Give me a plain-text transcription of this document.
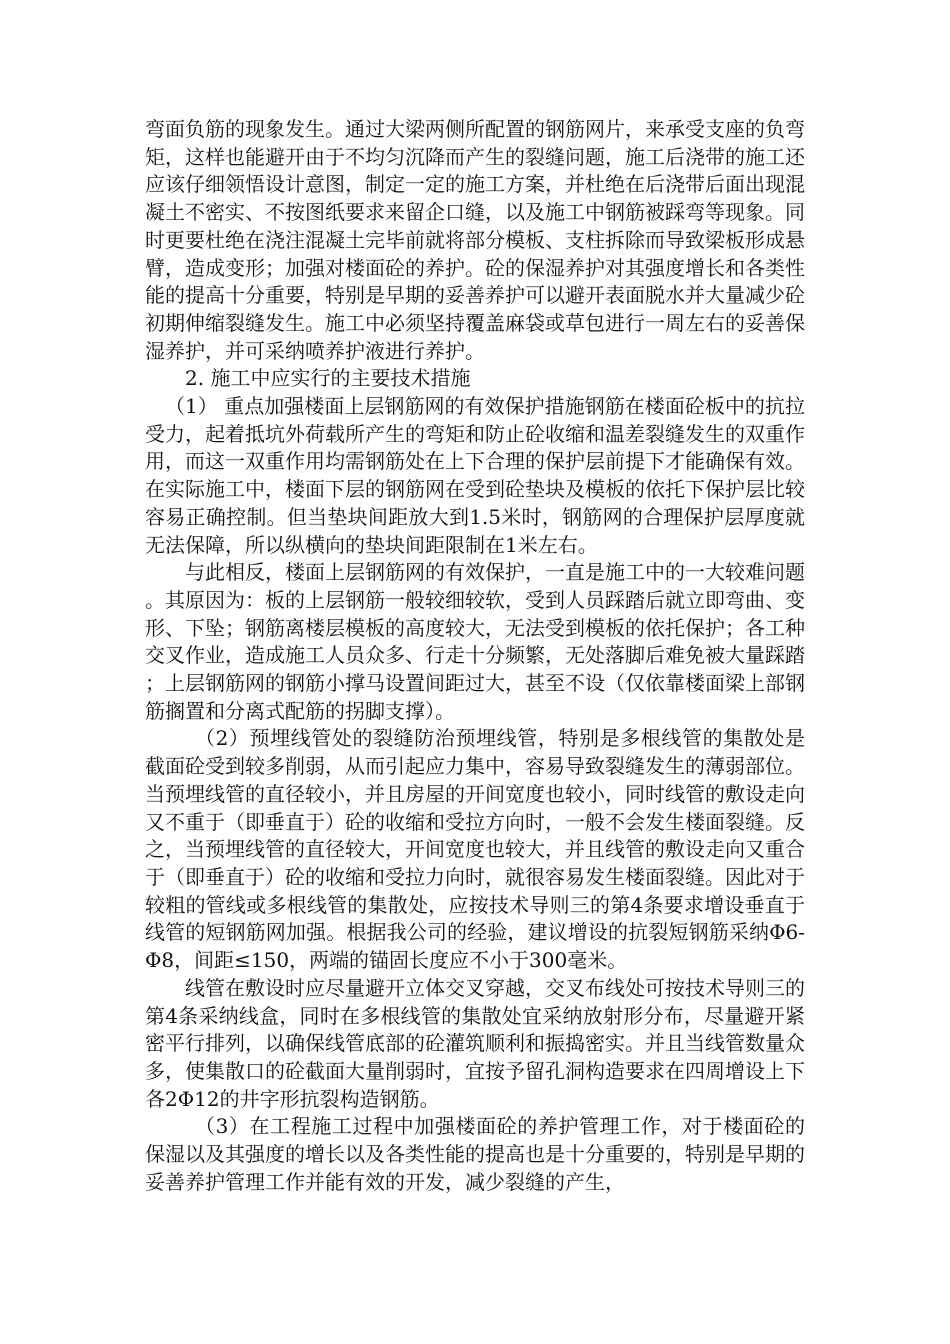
弯面负筋的现象发生。通过大梁两侧所配置的钢筋网片，来承受支座的负弯矩，这样也能避开由于不均匀沉降而产生的裂缝问题，施工后浇带的施工还应该仔细领悟设计意图，制定一定的施工方案，并杜绝在后浇带后面出现混凝土不密实、不按图纸要求来留企口缝，以及施工中钢筋被踩弯等现象。同时更要杜绝在浇注混凝土完毕前就将部分模板、支柱拆除而导致梁板形成悬臂，造成变形；加强对楼面砼的养护。砼的保湿养护对其强度增长和各类性能的提高十分重要，特别是早期的妥善养护可以避开表面脱水并大量减少砼初期伸缩裂缝发生。施工中必须坚持覆盖麻袋或草包进行一周左右的妥善保湿养护，并可采纳喷养护液进行养护。

2. 施工中应实行的主要技术措施

（1） 重点加强楼面上层钢筋网的有效保护措施钢筋在楼面砼板中的抗拉受力，起着抵坑外荷载所产生的弯矩和防止砼收缩和温差裂缝发生的双重作用，而这一双重作用均需钢筋处在上下合理的保护层前提下才能确保有效。在实际施工中，楼面下层的钢筋网在受到砼垫块及模板的依托下保护层比较容易正确控制。但当垫块间距放大到1.5米时，钢筋网的合理保护层厚度就无法保障，所以纵横向的垫块间距限制在1米左右。

与此相反，楼面上层钢筋网的有效保护，一直是施工中的一大较难问题。其原因为：板的上层钢筋一般较细较软，受到人员踩踏后就立即弯曲、变形、下坠；钢筋离楼层模板的高度较大，无法受到模板的依托保护；各工种交叉作业，造成施工人员众多、行走十分频繁，无处落脚后难免被大量踩踏；上层钢筋网的钢筋小撑马设置间距过大，甚至不设（仅依靠楼面梁上部钢筋搁置和分离式配筋的拐脚支撑）。

（2）预埋线管处的裂缝防治预埋线管，特别是多根线管的集散处是截面砼受到较多削弱，从而引起应力集中，容易导致裂缝发生的薄弱部位。当预埋线管的直径较小，并且房屋的开间宽度也较小，同时线管的敷设走向又不重于（即垂直于）砼的收缩和受拉方向时，一般不会发生楼面裂缝。反之，当预埋线管的直径较大，开间宽度也较大，并且线管的敷设走向又重合于（即垂直于）砼的收缩和受拉力向时，就很容易发生楼面裂缝。因此对于较粗的管线或多根线管的集散处，应按技术导则三的第4条要求增设垂直于线管的短钢筋网加强。根据我公司的经验，建议增设的抗裂短钢筋采纳Φ6-Φ8，间距≤150，两端的锚固长度应不小于300毫米。

线管在敷设时应尽量避开立体交叉穿越，交叉布线处可按技术导则三的第4条采纳线盒，同时在多根线管的集散处宜采纳放射形分布，尽量避开紧密平行排列，以确保线管底部的砼灌筑顺利和振捣密实。并且当线管数量众多，使集散口的砼截面大量削弱时，宜按予留孔洞构造要求在四周增设上下各2Φ12的井字形抗裂构造钢筋。

（3）在工程施工过程中加强楼面砼的养护管理工作，对于楼面砼的保湿以及其强度的增长以及各类性能的提高也是十分重要的，特别是早期的妥善养护管理工作并能有效的开发，减少裂缝的产生，
